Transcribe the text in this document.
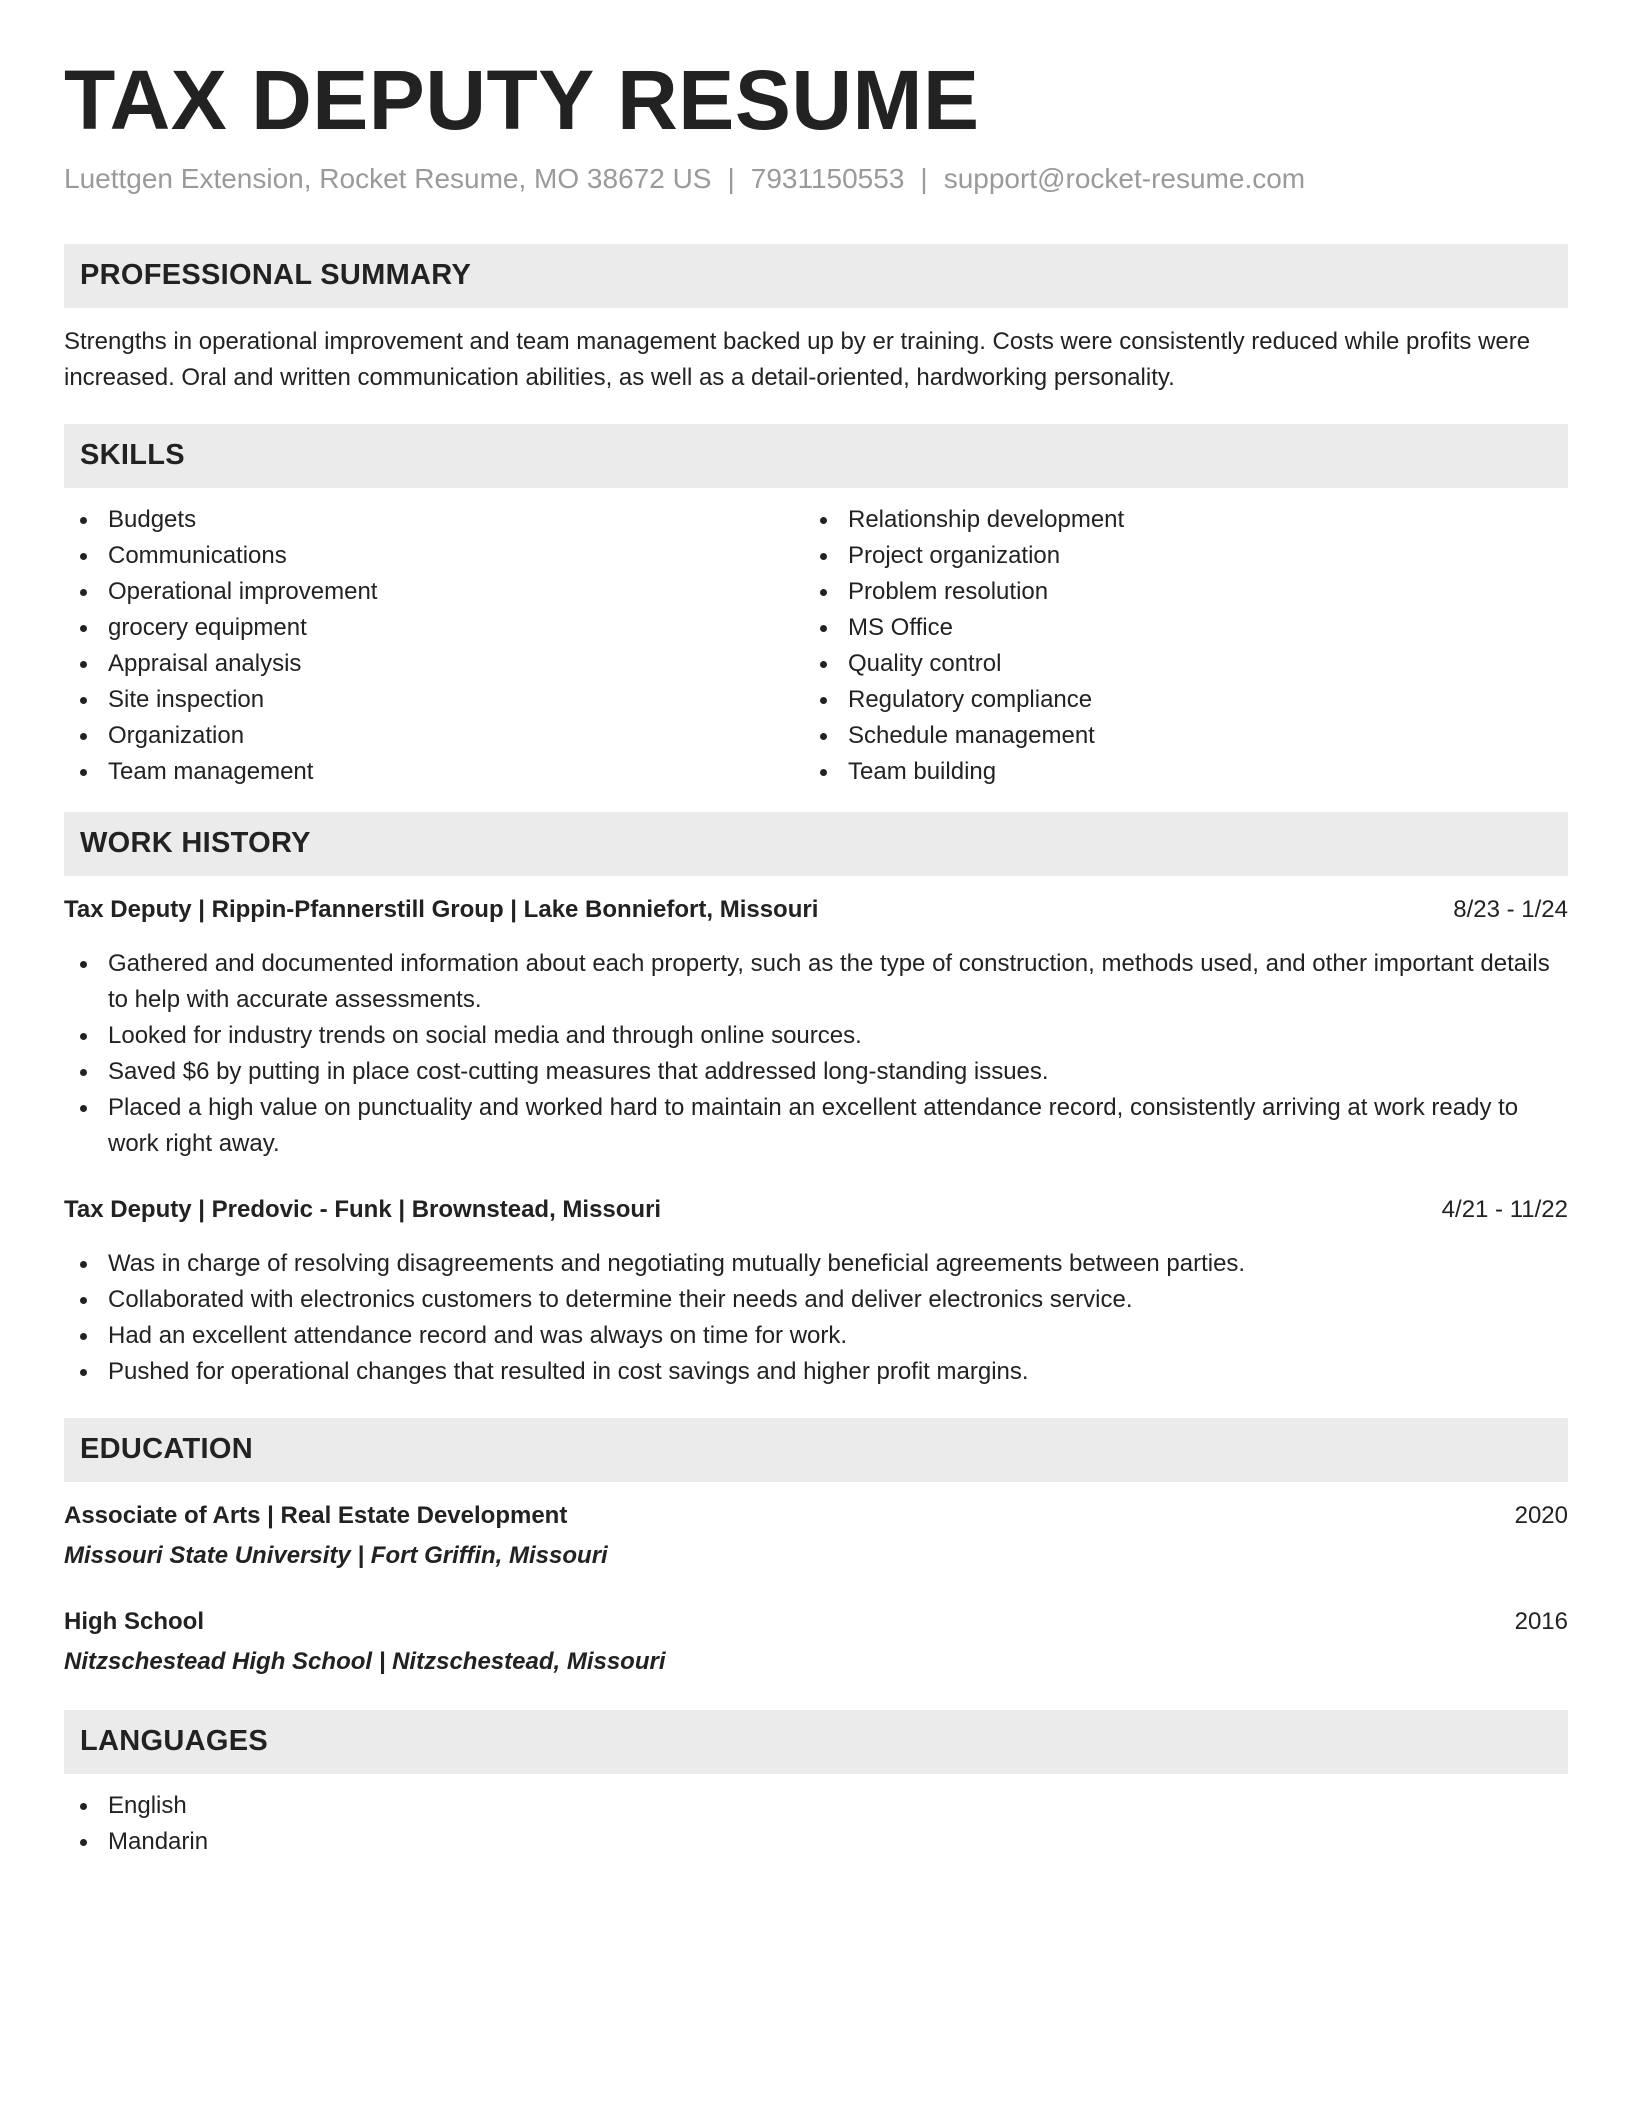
TAX DEPUTY RESUME
Luettgen Extension, Rocket Resume, MO 38672 US | 7931150553 | support@rocket-resume.com
PROFESSIONAL SUMMARY

Strengths in operational improvement and team management backed up by er training. Costs were consistently reduced while profits were increased. Oral and written communication abilities, as well as a detail-oriented, hardworking personality.

SKILLS
Budgets
Communications
Operational improvement
grocery equipment
Appraisal analysis
Site inspection
Organization
Team management
Relationship development
Project organization
Problem resolution
MS Office
Quality control
Regulatory compliance
Schedule management
Team building
WORK HISTORY
Tax Deputy | Rippin-Pfannerstill Group | Lake Bonniefort, Missouri	8/23 - 1/24
Gathered and documented information about each property, such as the type of construction, methods used, and other important details to help with accurate assessments.
Looked for industry trends on social media and through online sources.
Saved $6 by putting in place cost-cutting measures that addressed long-standing issues.
Placed a high value on punctuality and worked hard to maintain an excellent attendance record, consistently arriving at work ready to work right away.
Tax Deputy | Predovic - Funk | Brownstead, Missouri	4/21 - 11/22
Was in charge of resolving disagreements and negotiating mutually beneficial agreements between parties.
Collaborated with electronics customers to determine their needs and deliver electronics service.
Had an excellent attendance record and was always on time for work.
Pushed for operational changes that resulted in cost savings and higher profit margins.
EDUCATION
Associate of Arts | Real Estate Development	2020
Missouri State University | Fort Griffin, Missouri
High School	2016
Nitzschestead High School | Nitzschestead, Missouri
LANGUAGES
English
Mandarin
